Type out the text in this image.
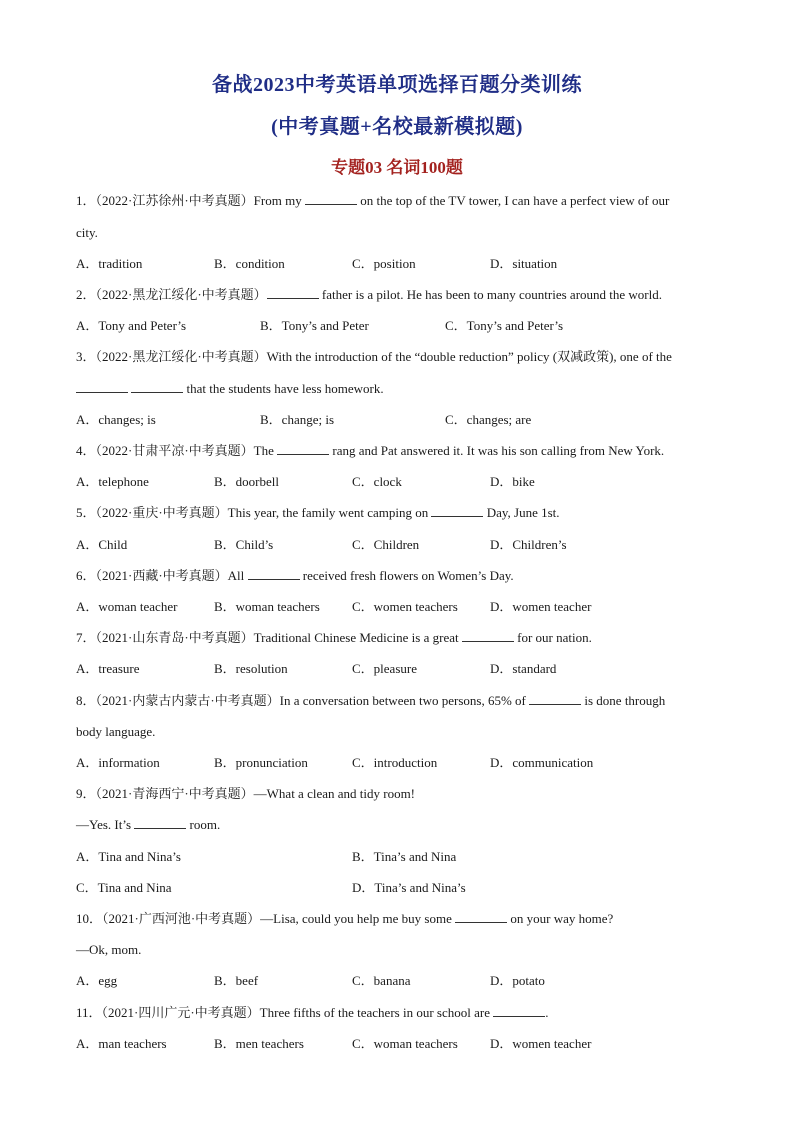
备战2023中考英语单项选择百题分类训练
(中考真题+名校最新模拟题)
专题03 名词100题
1．（2022·江苏徐州·中考真题）From my	on the top of the TV tower, I can have a perfect view of our
city.
A．tradition	B．condition	C．position	D．situation
2．（2022·黑龙江绥化·中考真题）	father is a pilot. He has been to many countries around the world.
A．Tony and Peter’s	B．Tony’s and Peter	C．Tony’s and Peter’s
3．（2022·黑龙江绥化·中考真题）With the introduction of the “double reduction” policy (双减政策), one of the
that the students have less homework.
A．changes; is	B．change; is	C．changes; are
4．（2022·甘肃平凉·中考真题）The	rang and Pat answered it. It was his son calling from New York.
A．telephone	B．doorbell	C．clock	D．bike
5．（2022·重庆·中考真题）This year, the family went camping on	Day, June 1st.
A．Child	B．Child’s	C．Children	D．Children’s
6．（2021·西藏·中考真题）All	received fresh flowers on Women’s Day.
A．woman teacher	B．woman teachers C．women teachers D．women teacher
7．（2021·山东青岛·中考真题）Traditional Chinese Medicine is a great	for our nation.
A．treasure	B．resolution	C．pleasure	D．standard
8．（2021·内蒙古内蒙古·中考真题）In a conversation between two persons, 65% of	is done through
body language.
A．information	B．pronunciation	C．introduction	D．communication
9．（2021·青海西宁·中考真题）—What a clean and tidy room!
—Yes. It’s	room.
A．Tina and Nina’s	B．Tina’s and Nina
C．Tina and Nina	D．Tina’s and Nina’s
10．（2021·广西河池·中考真题）—Lisa, could you help me buy some	on your way home?
—Ok, mom.
A．egg	B．beef	C．banana	D．potato
11．（2021·四川广元·中考真题）Three fifths of the teachers in our school are	.
A．man teachers	B．men teachers	C．woman teachers D．women teacher
